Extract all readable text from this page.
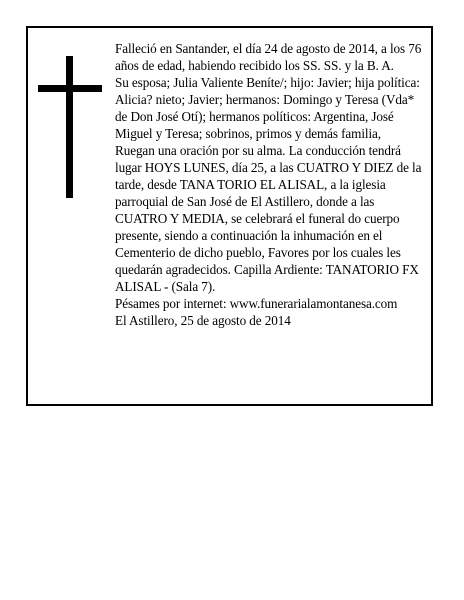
Falleció en Santander, el día 24 de agosto de 2014, a los 76 años de edad, habiendo recibido los SS. SS. y la B. A.

Su esposa; Julia Valiente Beníte/; hijo: Javier; hija política: Alicia? nieto; Javier; hermanos: Domingo y Teresa (Vda* de Don José Otí); hermanos políticos: Argentina, José Miguel y Teresa; sobrinos, primos y demás familia,

Ruegan una oración por su alma. La conducción tendrá lugar HOYS LUNES, día 25, a las CUATRO Y DIEZ de la tarde, desde TANA TORIO EL ALISAL, a la iglesia parroquial de San José de El Astillero, donde a las CUATRO Y MEDIA, se celebrará el funeral do cuerpo presente, siendo a continuación la inhumación en el Cementerio de dicho pueblo, Favores por los cuales les quedarán agradecidos. Capilla Ardiente: TANATORIO FX ALISAL - (Sala 7).

Pésames por internet: www.funerarialamontanesa.com

El Astillero, 25 de agosto de 2014
